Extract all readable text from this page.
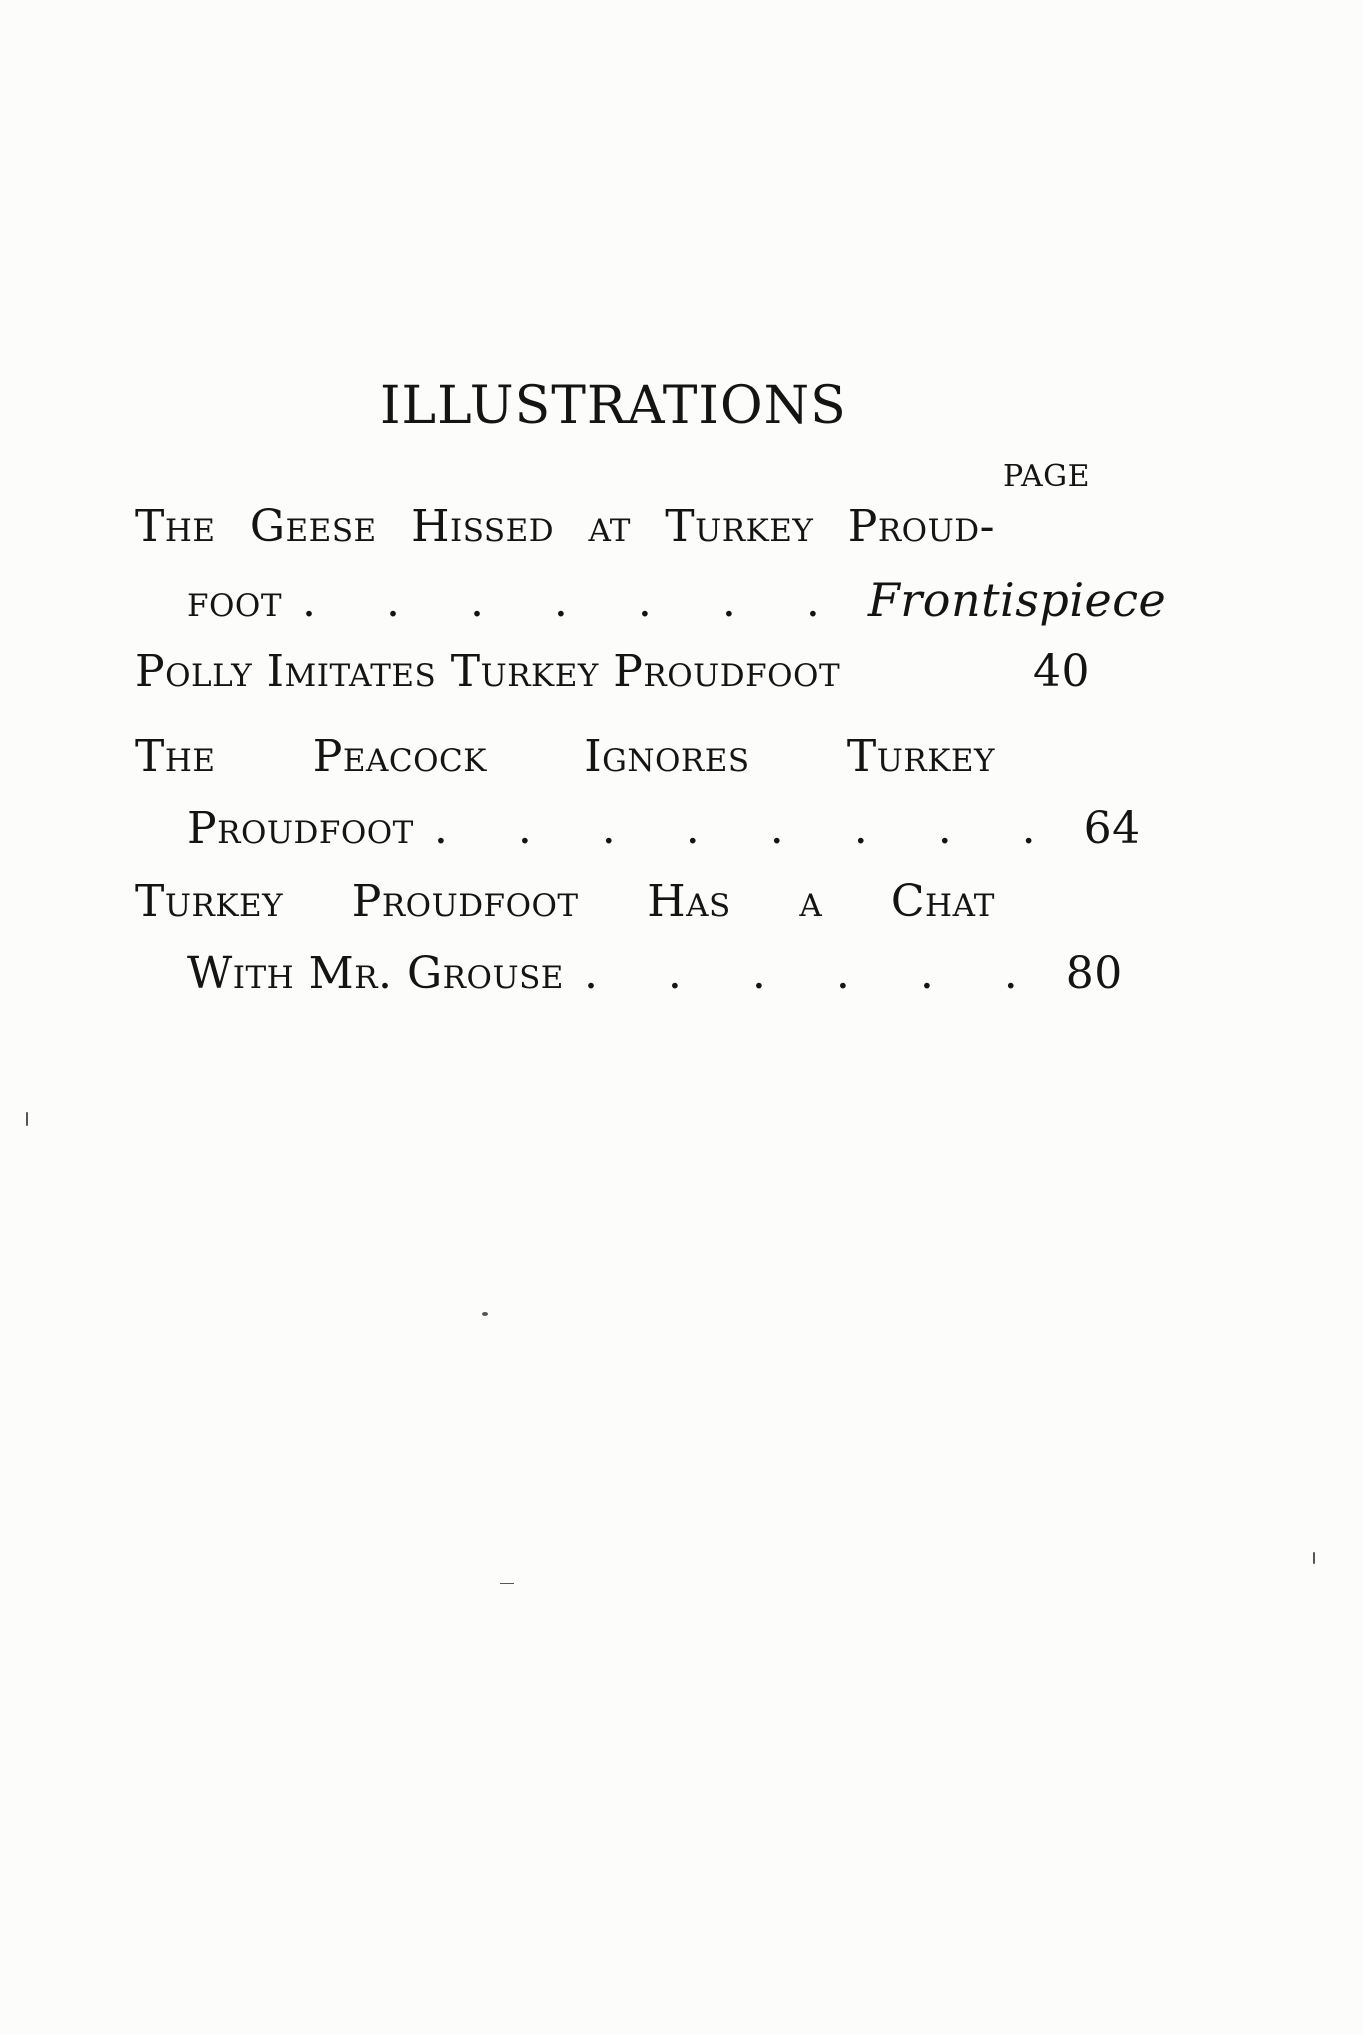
ILLUSTRATIONS
PAGE
The Geese Hissed at Turkey Proud-
foot . . . . . . . Frontispiece
Polly Imitates Turkey Proudfoot	40
The Peacock Ignores Turkey
Proudfoot . . . . . . . . 64
Turkey Proudfoot Has a Chat
With Mr. Grouse . . . . . . 80
